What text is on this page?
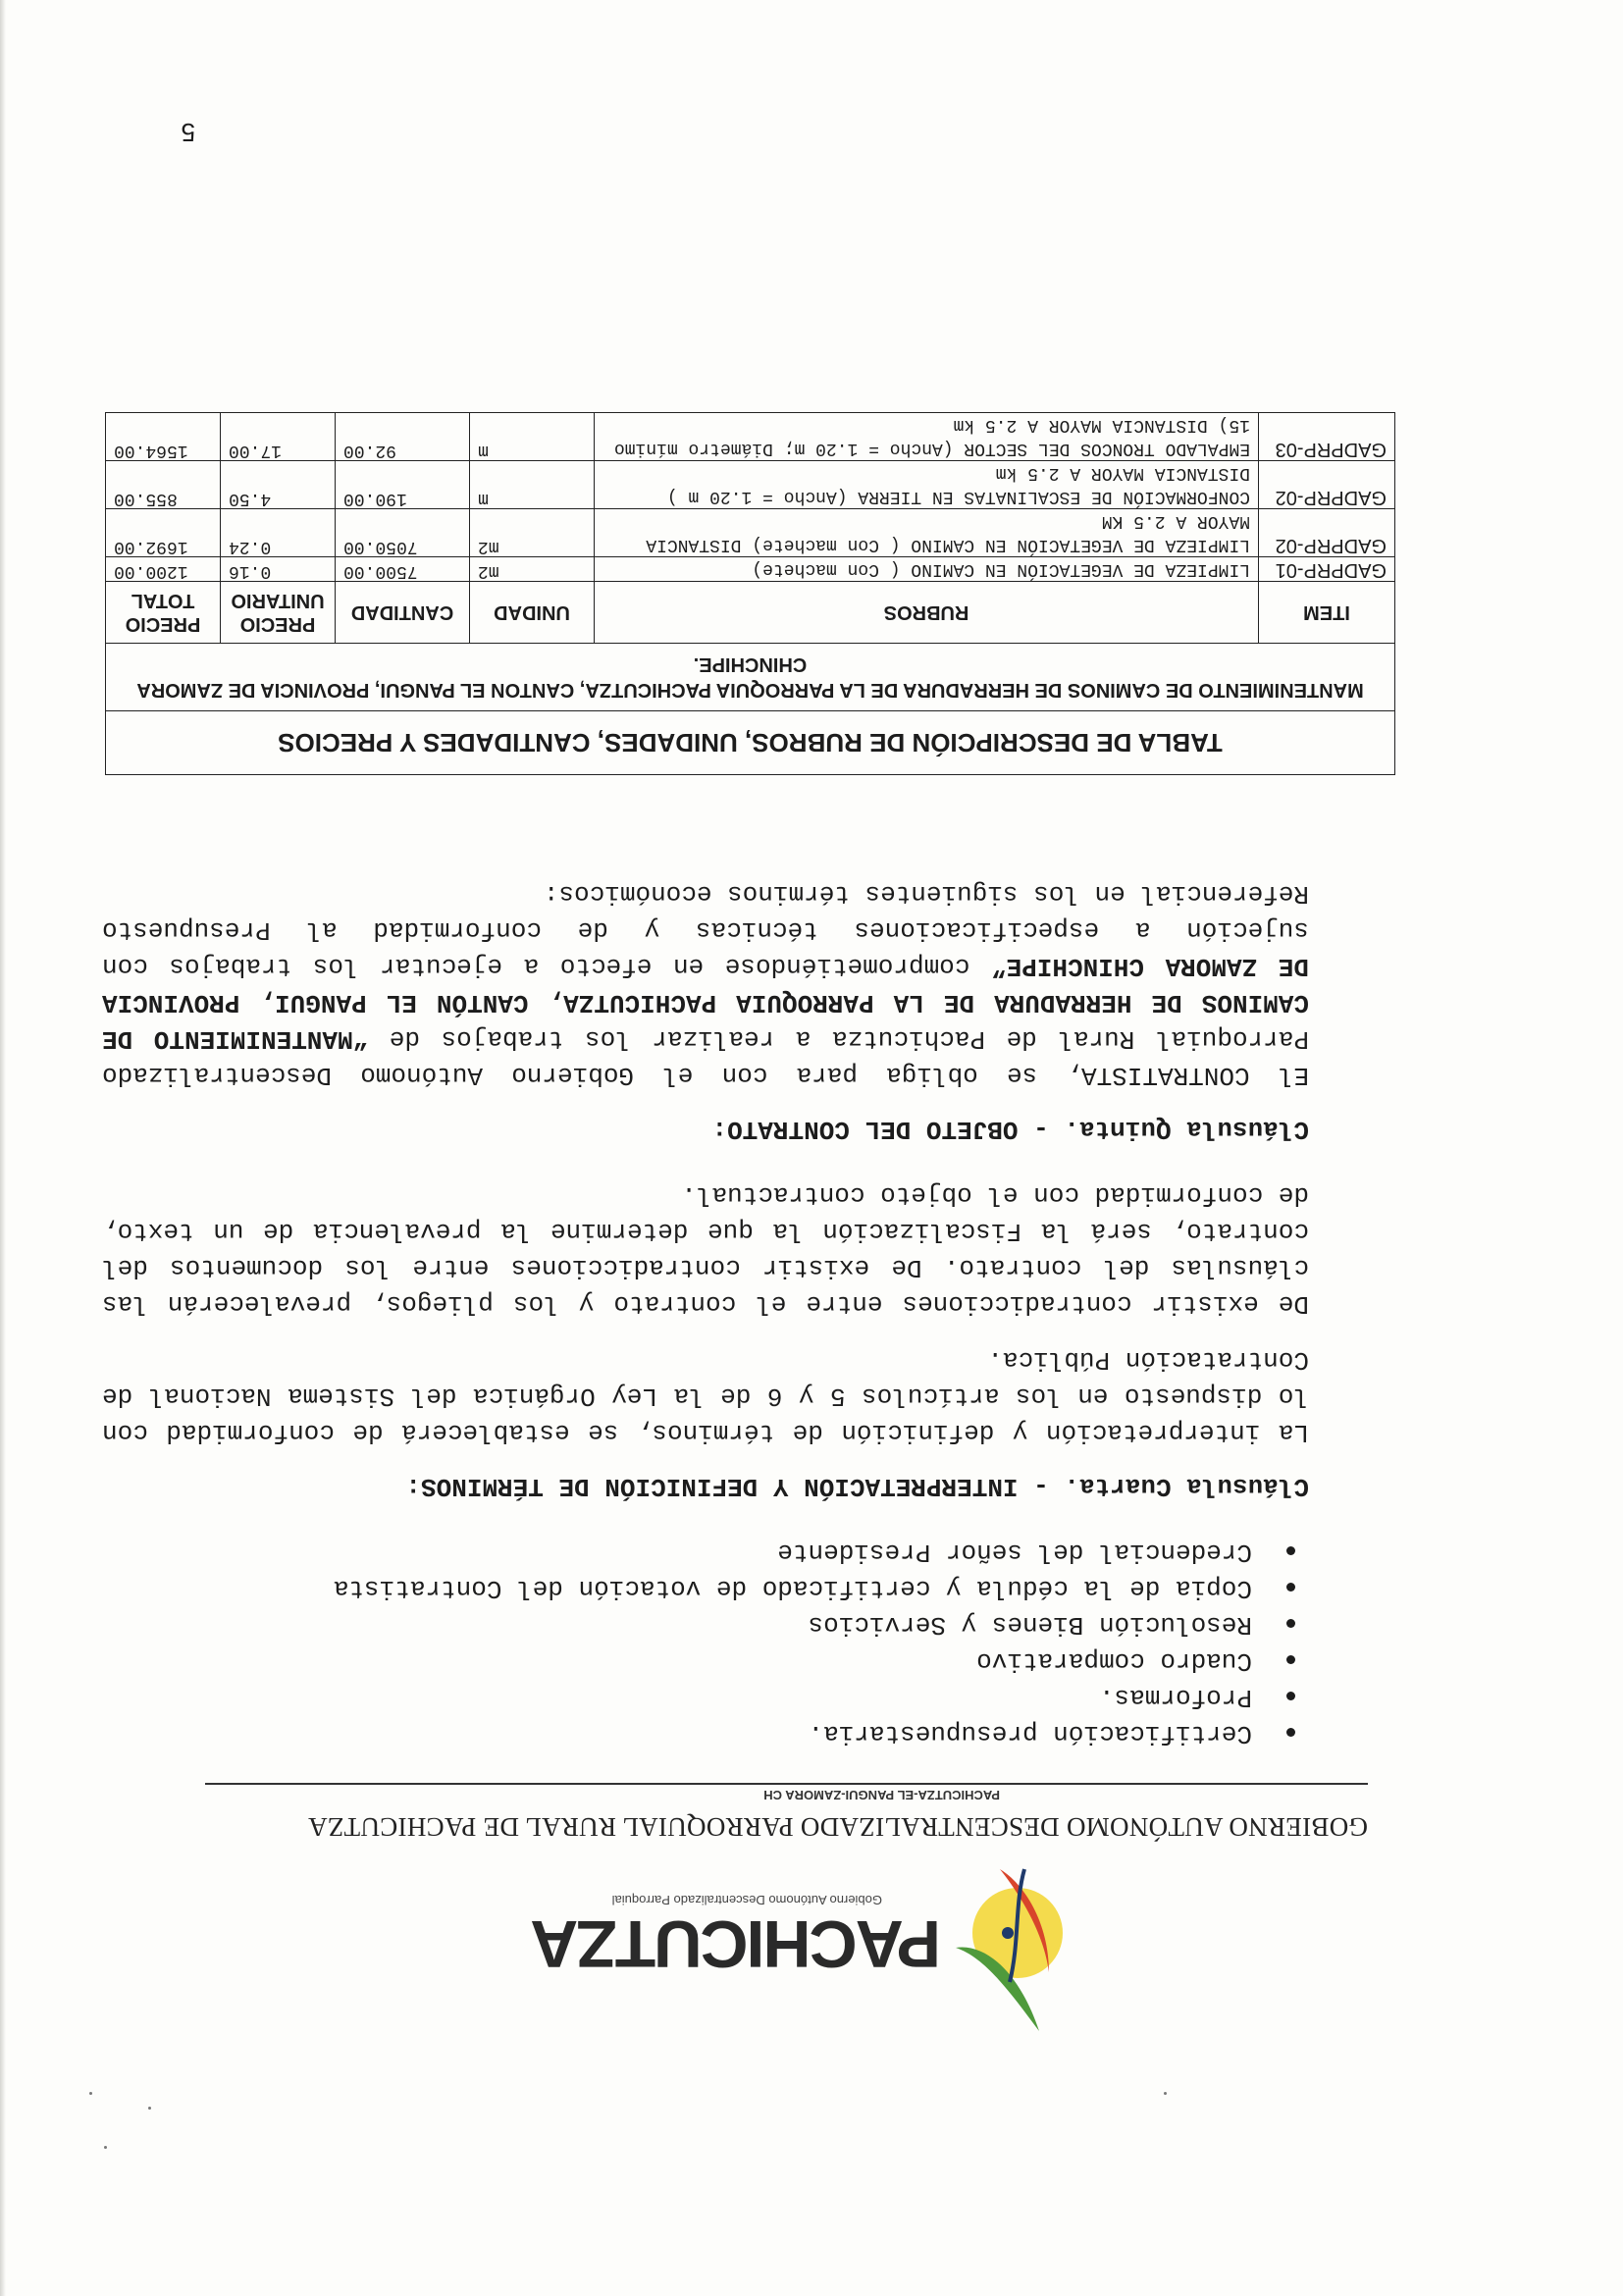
PACHICUTZA
Gobierno Autónomo Descentralizado Parroquial
GOBIERNO AUTÓNOMO DESCENTRALIZADO PARROQUIAL RURAL DE PACHICUTZA
PACHICUTZA-EL PANGUI-ZAMORA CH
Certificación presupuestaria.
Proformas.
Cuadro comparativo
Resolución Bienes y Servicios
Copia de la cédula y certificado de votación del Contratista
Credencial del señor Presidente
Cláusula Cuarta. - INTERPRETACIÓN Y DEFINICIÓN DE TÉRMINOS:

La interpretación y definición de términos, se establecerá de conformidad con lo dispuesto en los artículos 5 y 6 de la Ley Orgánica del Sistema Nacional de Contratación Pública.

De existir contradicciones entre el contrato y los pliegos, prevalecerán las cláusulas del contrato. De existir contradicciones entre los documentos del contrato, será la Fiscalización la que determine la prevalencia de un texto, de conformidad con el objeto contractual.

Cláusula Quinta. - OBJETO DEL CONTRATO:

El CONTRATISTA, se obliga para con el Gobierno Autónomo Descentralizado Parroquial Rural de Pachicutza a realizar los trabajos de “MANTENIMIENTO DE CAMINOS DE HERRADURA DE LA PARROQUIA PACHICUTZA, CANTÓN EL PANGUI, PROVINCIA DE ZAMORA CHINCHIPE” comprometiéndose en efecto a ejecutar los trabajos con sujeción a especificaciones técnicas y de conformidad al Presupuesto Referencial en los siguientes términos económicos:

TABLA DE DESCRIPCIÓN DE RUBROS, UNIDADES, CANTIDADES Y PRECIOS					
MANTENIMIENTO DE CAMINOS DE HERRADURA DE LA PARROQUIA PACHICUTZA, CANTON EL PANGUI, PROVINCIA DE ZAMORA CHINCHIPE.					
ITEM	RUBROS	UNIDAD	CANTIDAD	PRECIO UNITARIO	PRECIO TOTAL
GADPRP-01	LIMPIEZA DE VEGETACIÓN EN CAMINO ( Con machete)	m2	7500.00	0.16	1200.00
GADPRP-02	LIMPIEZA DE VEGETACIÓN EN CAMINO ( Con machete) DISTANCIA MAYOR A 2.5 KM	m2	7050.00	0.24	1692.00
GADPRP-02	CONFORMACIÓN DE ESCALINATAS EN TIERRA (Ancho = 1.20 m ) DISTANCIA MAYOR A 2.5 km	m	190.00	4.50	855.00
GADPRP-03	EMPALADO TRONCOS DEL SECTOR (Ancho = 1.20 m; Diámetro mínimo 15) DISTANCIA MAYOR A 2.5 km	m	92.00	17.00	1564.00
5
